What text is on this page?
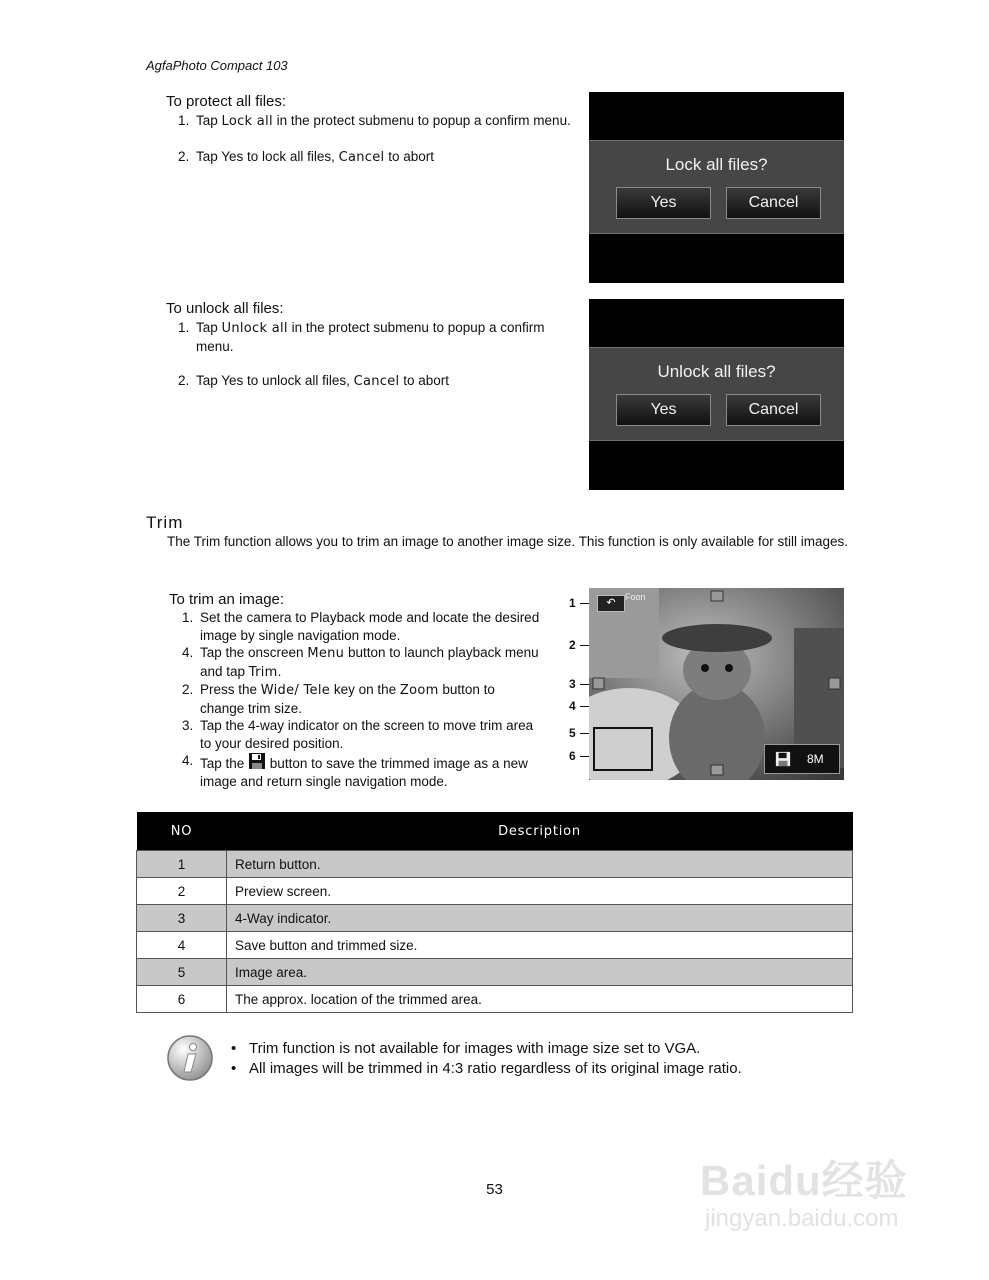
AgfaPhoto Compact 103
To protect all files:
1. Tap Lock all in the protect submenu to popup a confirm menu.
2. Tap Yes to lock all files, Cancel to abort	Lock all files?
Yes	Cancel
To unlock all files:
1. Tap Unlock all in the protect submenu to popup a confirm menu.
2. Tap Yes to unlock all files, Cancel to abort	Unlock all files?
Yes	Cancel
Trim
The Trim function allows you to trim an image to another image size. This function is only available for still images.
To trim an image:
1. Set the camera to Playback mode and locate the desired image by single navigation mode.
4. Tap the onscreen Menu button to launch playback menu and tap Trim.
2. Press the Wide/ Tele key on the Zoom button to change trim size.
3. Tap the 4-way indicator on the screen to move trim area to your desired position.
4. Tap the  button to save the trimmed image as a new image and return single navigation mode.
1
2
3
4
5
6
Foon
↶
8M
NO	Description
1	Return button.
2	Preview screen.
3	4-Way indicator.
4	Save button and trimmed size.
5	Image area.
6	The approx. location of the trimmed area.
• Trim function is not available for images with image size set to VGA.
• All images will be trimmed in 4:3 ratio regardless of its original image ratio.
53	Baidu经验
jingyan.baidu.com
